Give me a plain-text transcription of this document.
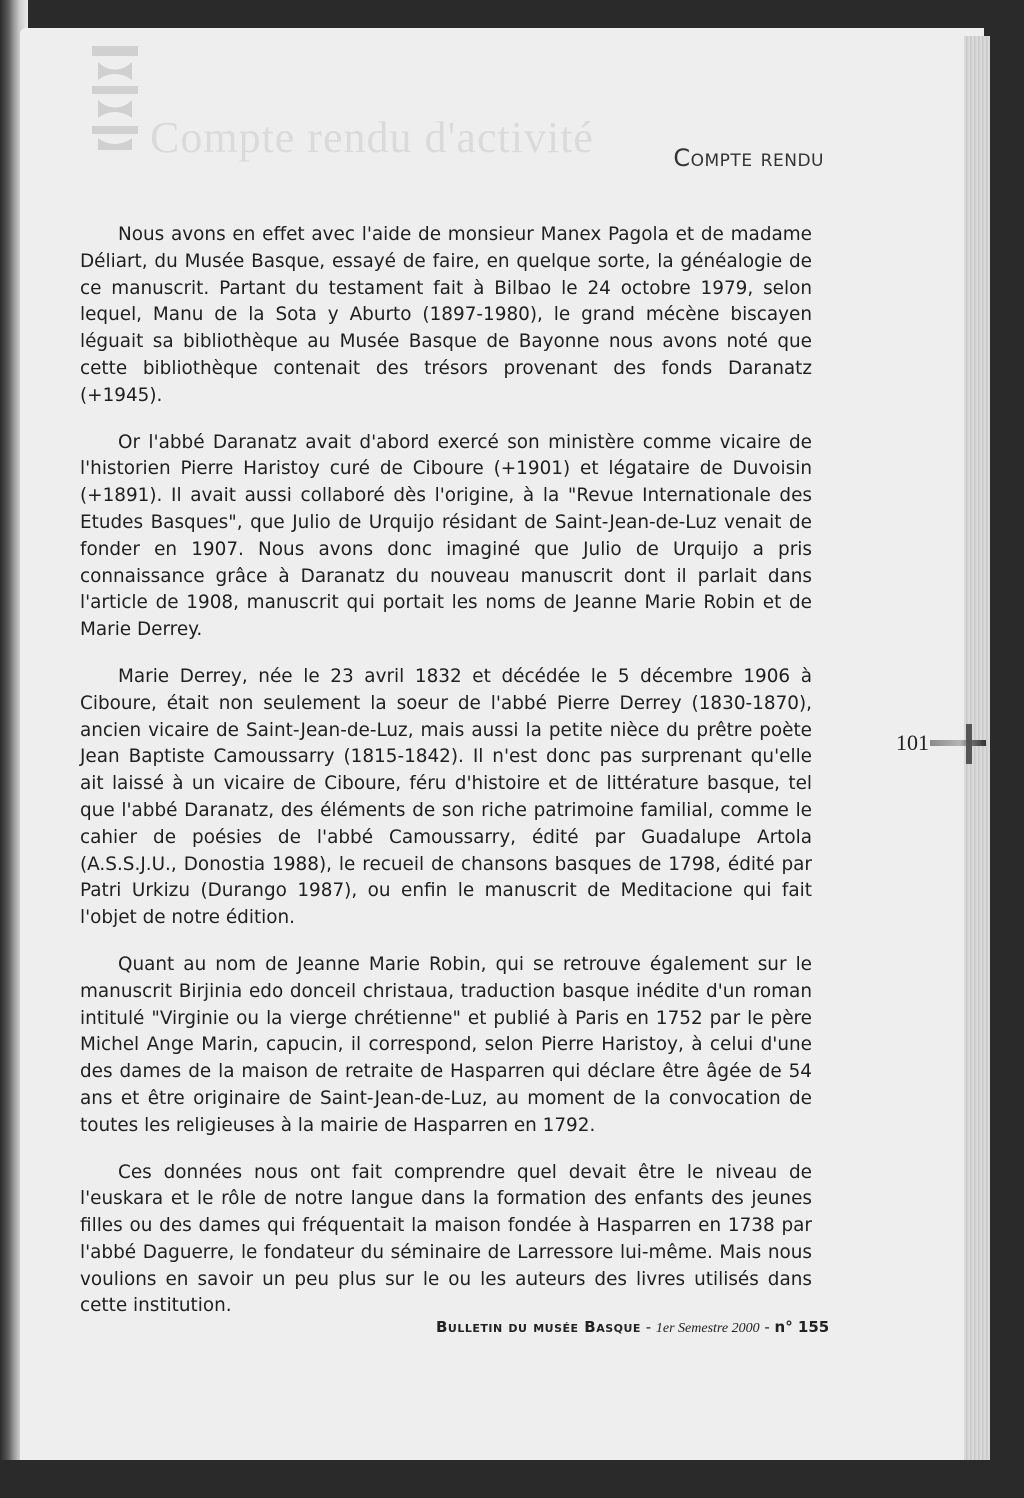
Compte rendu d'activité	Compte rendu

Nous avons en effet avec l'aide de monsieur Manex Pagola et de madame Déliart, du Musée Basque, essayé de faire, en quelque sorte, la généalogie de ce manuscrit. Partant du testament fait à Bilbao le 24 octobre 1979, selon lequel, Manu de la Sota y Aburto (1897-1980), le grand mécène biscayen léguait sa bibliothèque au Musée Basque de Bayonne nous avons noté que cette bibliothèque contenait des trésors provenant des fonds Daranatz (+1945).

Or l'abbé Daranatz avait d'abord exercé son ministère comme vicaire de l'historien Pierre Haristoy curé de Ciboure (+1901) et légataire de Duvoisin (+1891). Il avait aussi collaboré dès l'origine, à la "Revue Internationale des Etudes Basques", que Julio de Urquijo résidant de Saint-Jean-de-Luz venait de fonder en 1907. Nous avons donc imaginé que Julio de Urquijo a pris connaissance grâce à Daranatz du nouveau manuscrit dont il parlait dans l'article de 1908, manuscrit qui portait les noms de Jeanne Marie Robin et de Marie Derrey.

Marie Derrey, née le 23 avril 1832 et décédée le 5 décembre 1906 à Ciboure, était non seulement la soeur de l'abbé Pierre Derrey (1830-1870), ancien vicaire de Saint-Jean-de-Luz, mais aussi la petite nièce du prêtre poète Jean Baptiste Camoussarry (1815-1842). Il n'est donc pas surprenant qu'elle ait laissé à un vicaire de Ciboure, féru d'histoire et de littérature basque, tel que l'abbé Daranatz, des éléments de son riche patrimoine familial, comme le cahier de poésies de l'abbé Camoussarry, édité par Guadalupe Artola (A.S.S.J.U., Donostia 1988), le recueil de chansons basques de 1798, édité par Patri Urkizu (Durango 1987), ou enfin le manuscrit de Meditacione qui fait l'objet de notre édition.

Quant au nom de Jeanne Marie Robin, qui se retrouve également sur le manuscrit Birjinia edo donceil christaua, traduction basque inédite d'un roman intitulé "Virginie ou la vierge chrétienne" et publié à Paris en 1752 par le père Michel Ange Marin, capucin, il correspond, selon Pierre Haristoy, à celui d'une des dames de la maison de retraite de Hasparren qui déclare être âgée de 54 ans et être originaire de Saint-Jean-de-Luz, au moment de la convocation de toutes les religieuses à la mairie de Hasparren en 1792.

Ces données nous ont fait comprendre quel devait être le niveau de l'euskara et le rôle de notre langue dans la formation des enfants des jeunes filles ou des dames qui fréquentait la maison fondée à Hasparren en 1738 par l'abbé Daguerre, le fondateur du séminaire de Larressore lui-même. Mais nous voulions en savoir un peu plus sur le ou les auteurs des livres utilisés dans cette institution.

101
Bulletin du musée Basque - 1er Semestre 2000 - n° 155
